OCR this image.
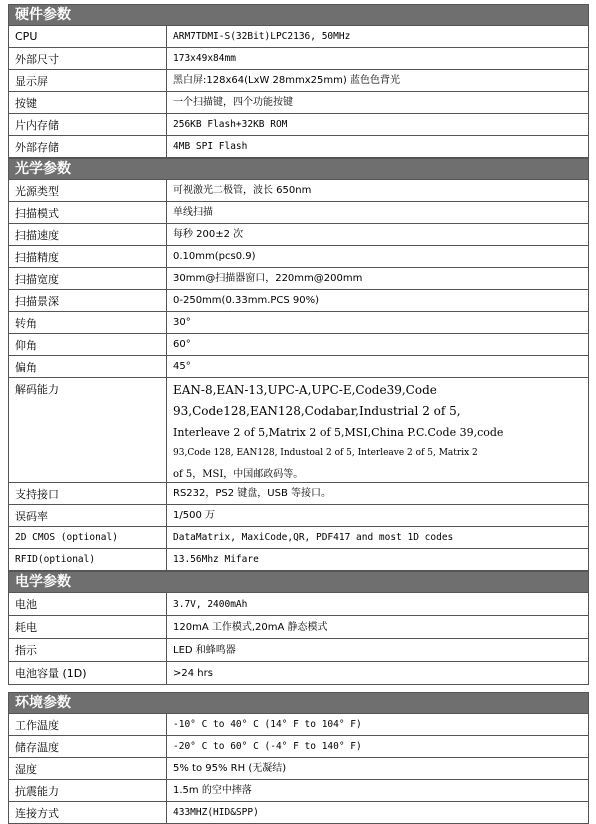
硬件参数
CPU	ARM7TDMI-S(32Bit)LPC2136, 50MHz
外部尺寸	173x49x84mm
显示屏	黑白屏:128x64(LxW 28mmx25mm) 蓝色色背光
按键	一个扫描键，四个功能按键
片内存储	256KB Flash+32KB ROM
外部存储	4MB SPI Flash
光学参数
光源类型	可视激光二极管，波长 650nm
扫描模式	单线扫描
扫描速度	每秒 200±2 次
扫描精度	0.10mm(pcs0.9)
扫描宽度	30mm@扫描器窗口，220mm@200mm
扫描景深	0-250mm(0.33mm.PCS 90%)
转角	30°
仰角	60°
偏角	45°
解码能力	EAN-8,EAN-13,UPC-A,UPC-E,Code39,Code
93,Code128,EAN128,Codabar,Industrial 2 of 5,
Interleave 2 of 5,Matrix 2 of 5,MSI,China P.C.Code 39,code
93,Code 128, EAN128, Industoal 2 of 5, Interleave 2 of 5, Matrix 2
of 5，MSI，中国邮政码等。
支持接口	RS232，PS2 键盘，USB 等接口。
误码率	1/500 万
2D CMOS (optional)	DataMatrix, MaxiCode,QR, PDF417 and most 1D codes
RFID(optional)	13.56Mhz Mifare
电学参数
电池	3.7V, 2400mAh
耗电	120mA 工作模式,20mA 静态模式
指示	LED 和蜂鸣器
电池容量 (1D)	>24 hrs
环境参数
工作温度	-10° C to 40° C (14° F to 104° F)
储存温度	-20° C to 60° C (-4° F to 140° F)
湿度	5% to 95% RH (无凝结)
抗震能力	1.5m 的空中摔落
连接方式	433MHZ(HID&SPP)
